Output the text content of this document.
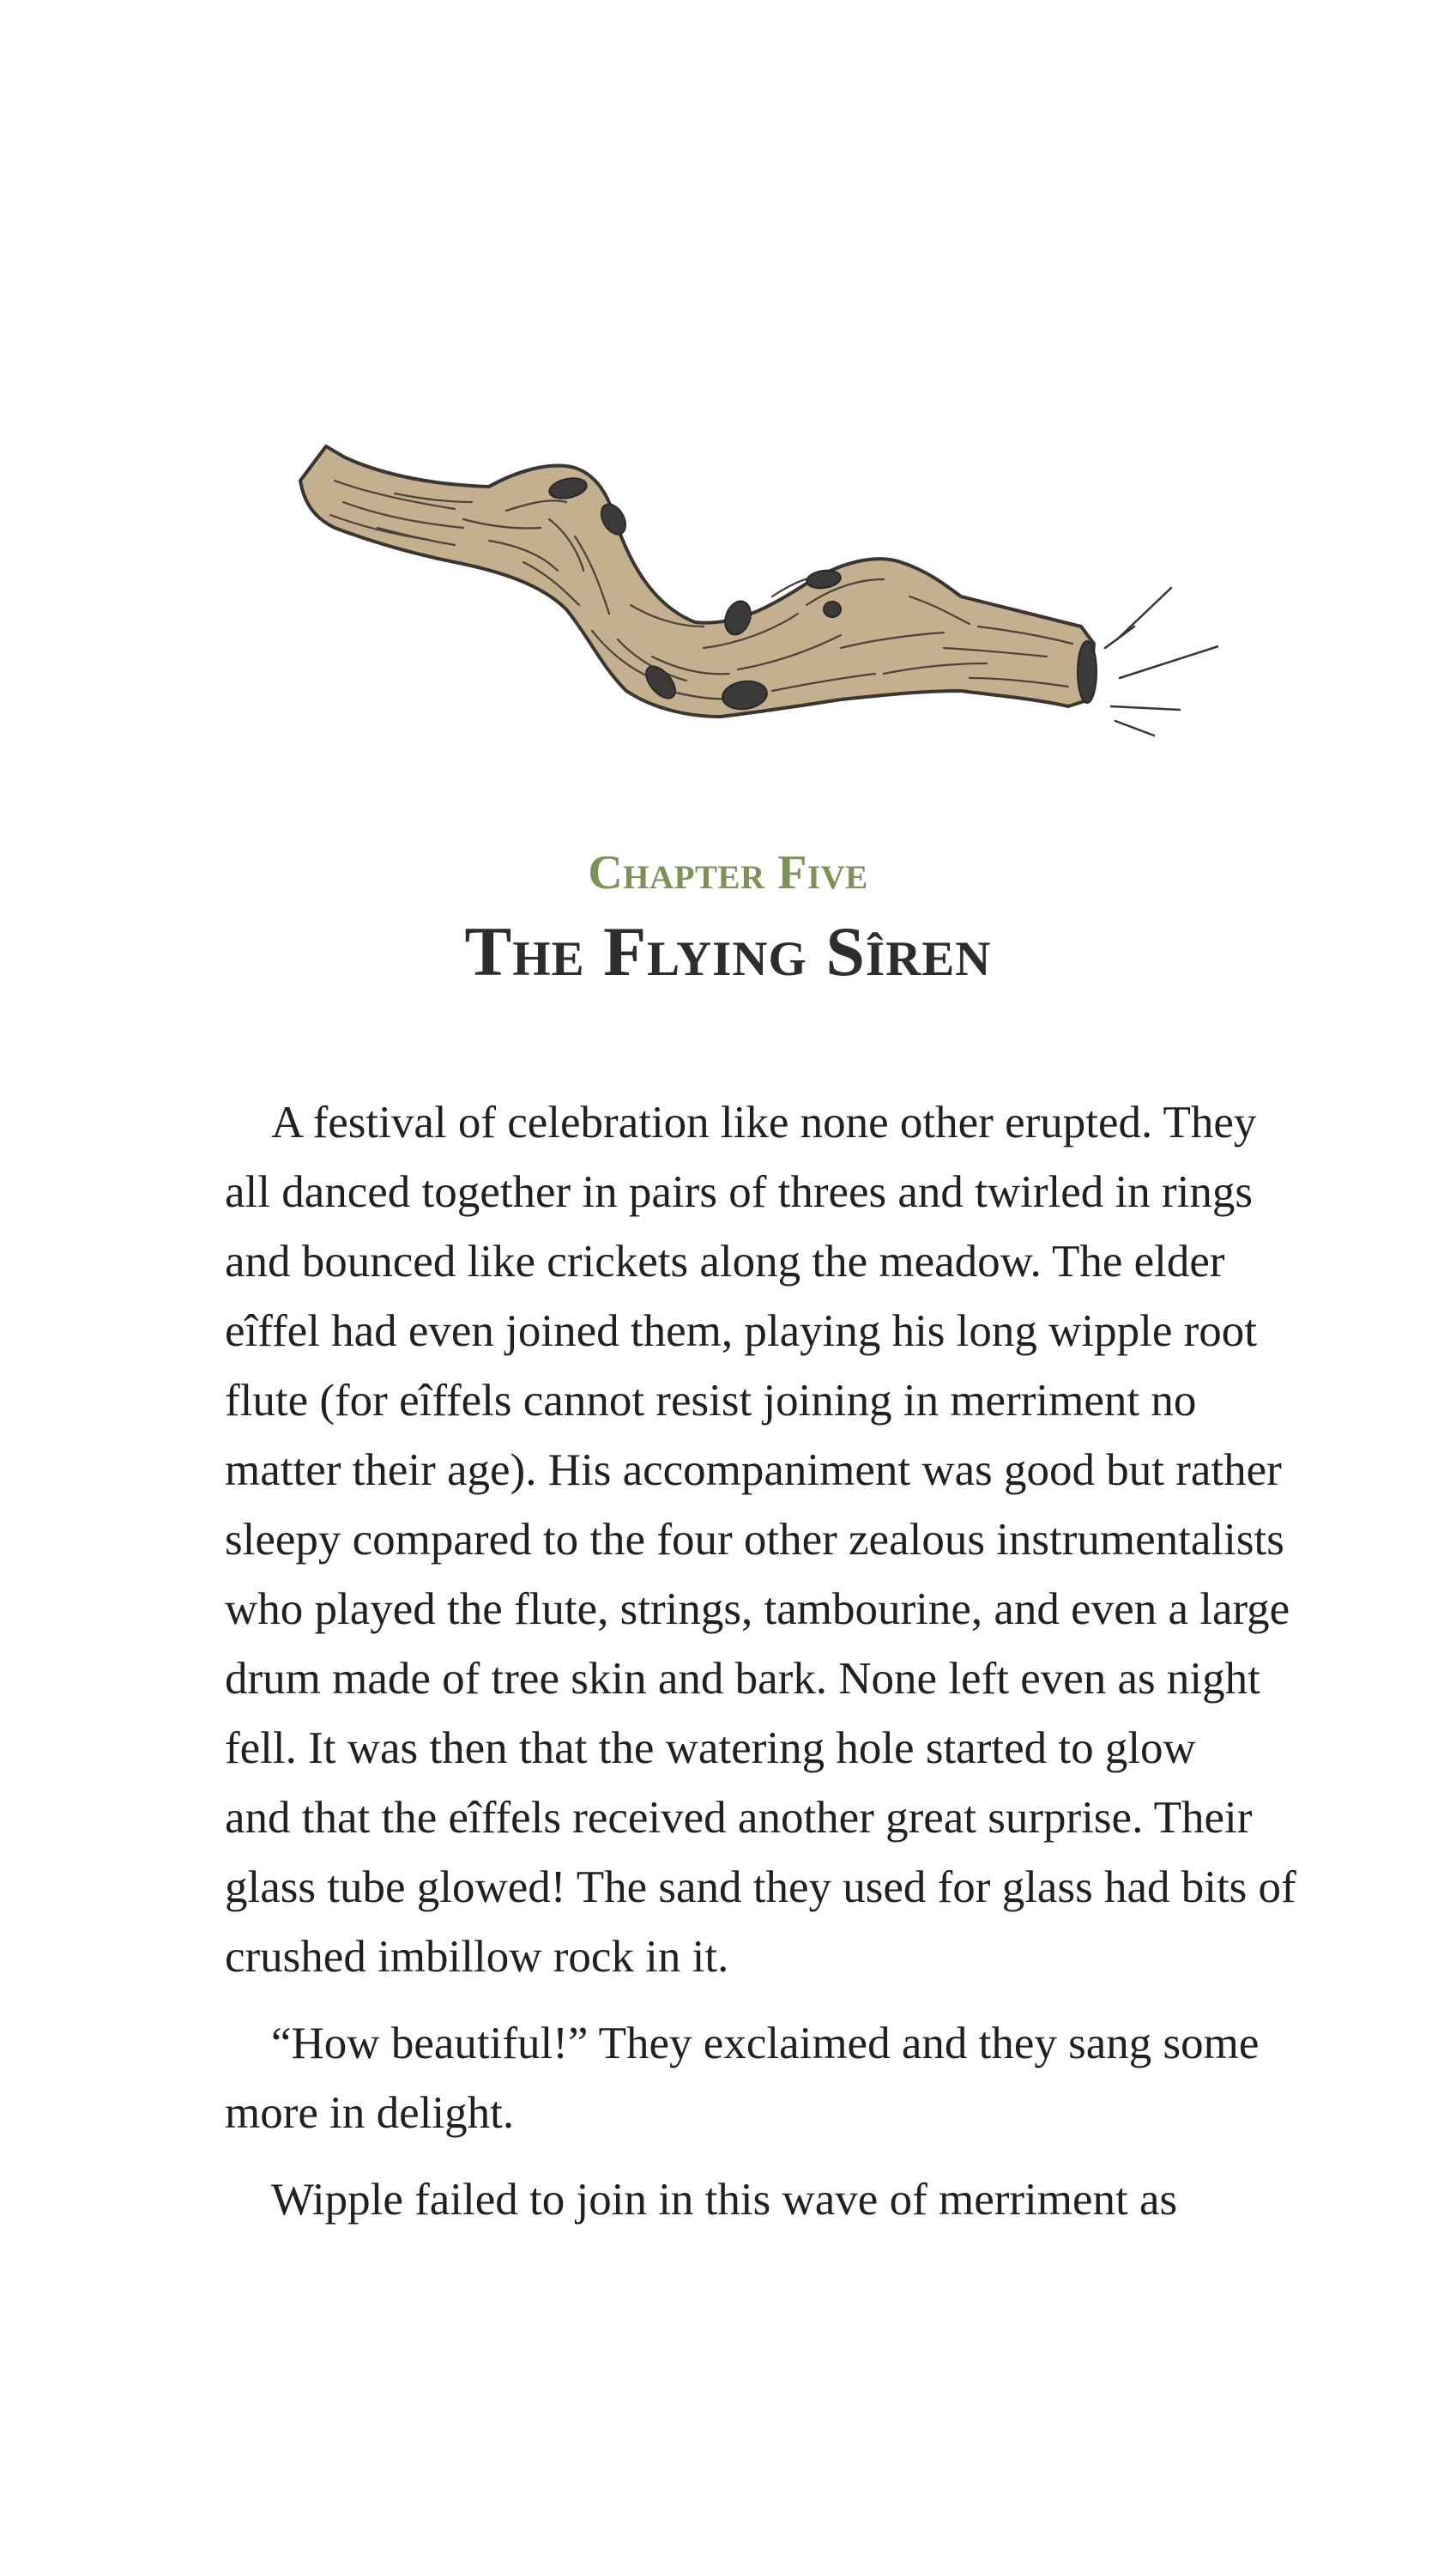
Chapter Five
The Flying Sîren
A festival of celebration like none other erupted. They
all danced together in pairs of threes and twirled in rings
and bounced like crickets along the meadow. The elder
eîffel had even joined them, playing his long wipple root
flute (for eîffels cannot resist joining in merriment no
matter their age). His accompaniment was good but rather
sleepy compared to the four other zealous instrumentalists
who played the flute, strings, tambourine, and even a large
drum made of tree skin and bark. None left even as night
fell. It was then that the watering hole started to glow
and that the eîffels received another great surprise. Their
glass tube glowed! The sand they used for glass had bits of
crushed imbillow rock in it.
“How beautiful!” They exclaimed and they sang some
more in delight.
Wipple failed to join in this wave of merriment as
